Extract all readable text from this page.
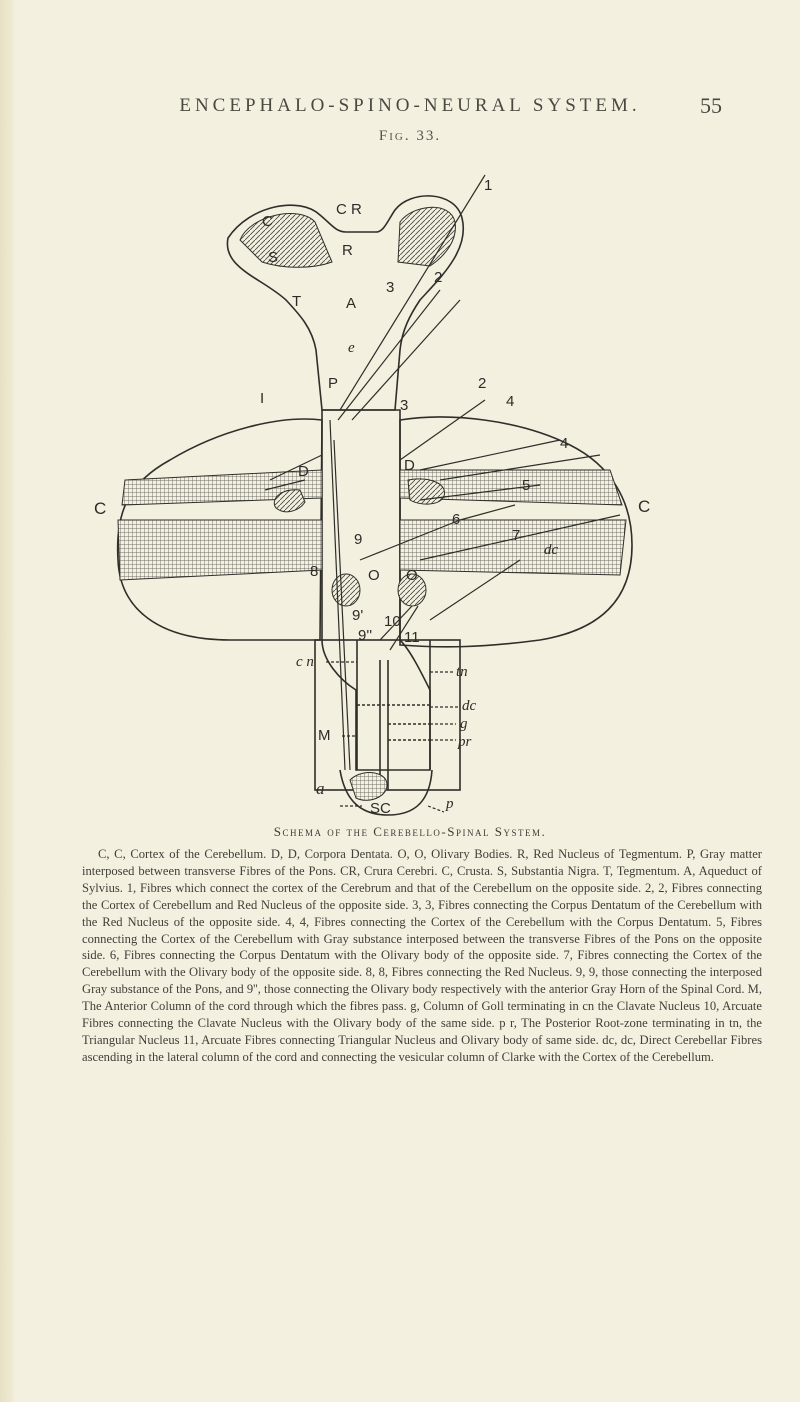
ENCEPHALO-SPINO-NEURAL SYSTEM.	55
Fig. 33.
C
C R
S	R
T	A
1
2
3
e
I
P
D	D
2
3	4
4
5
6
7
dc
8
9
9'
9''
O O
10
11
C	C
c n
M
tn
dc
g
pr
a
SC	p
Schema of the Cerebello-Spinal System.
C, C, Cortex of the Cerebellum. D, D, Corpora Dentata. O, O, Olivary Bodies. R, Red Nucleus of Tegmentum. P, Gray matter interposed between transverse Fibres of the Pons. CR, Crura Cerebri. C, Crusta. S, Substantia Nigra. T, Tegmentum. A, Aqueduct of Sylvius. 1, Fibres which connect the cortex of the Cerebrum and that of the Cerebellum on the opposite side. 2, 2, Fibres connecting the Cortex of Cerebellum and Red Nucleus of the opposite side. 3, 3, Fibres connecting the Corpus Dentatum of the Cerebellum with the Red Nucleus of the opposite side. 4, 4, Fibres connecting the Cortex of the Cerebellum with the Corpus Dentatum. 5, Fibres connecting the Cortex of the Cerebellum with Gray substance interposed between the transverse Fibres of the Pons on the opposite side. 6, Fibres connecting the Corpus Dentatum with the Olivary body of the opposite side. 7, Fibres connecting the Cortex of the Cerebellum with the Olivary body of the opposite side. 8, 8, Fibres connecting the Red Nucleus. 9, 9, those connecting the interposed Gray substance of the Pons, and 9'', those connecting the Olivary body respectively with the anterior Gray Horn of the Spinal Cord. M, The Anterior Column of the cord through which the fibres pass. g, Column of Goll terminating in cn the Clavate Nucleus 10, Arcuate Fibres connecting the Clavate Nucleus with the Olivary body of the same side. p r, The Posterior Root-zone terminating in tn, the Triangular Nucleus 11, Arcuate Fibres connecting Triangular Nucleus and Olivary body of same side. dc, dc, Direct Cerebellar Fibres ascending in the lateral column of the cord and connecting the vesicular column of Clarke with the Cortex of the Cerebellum.
